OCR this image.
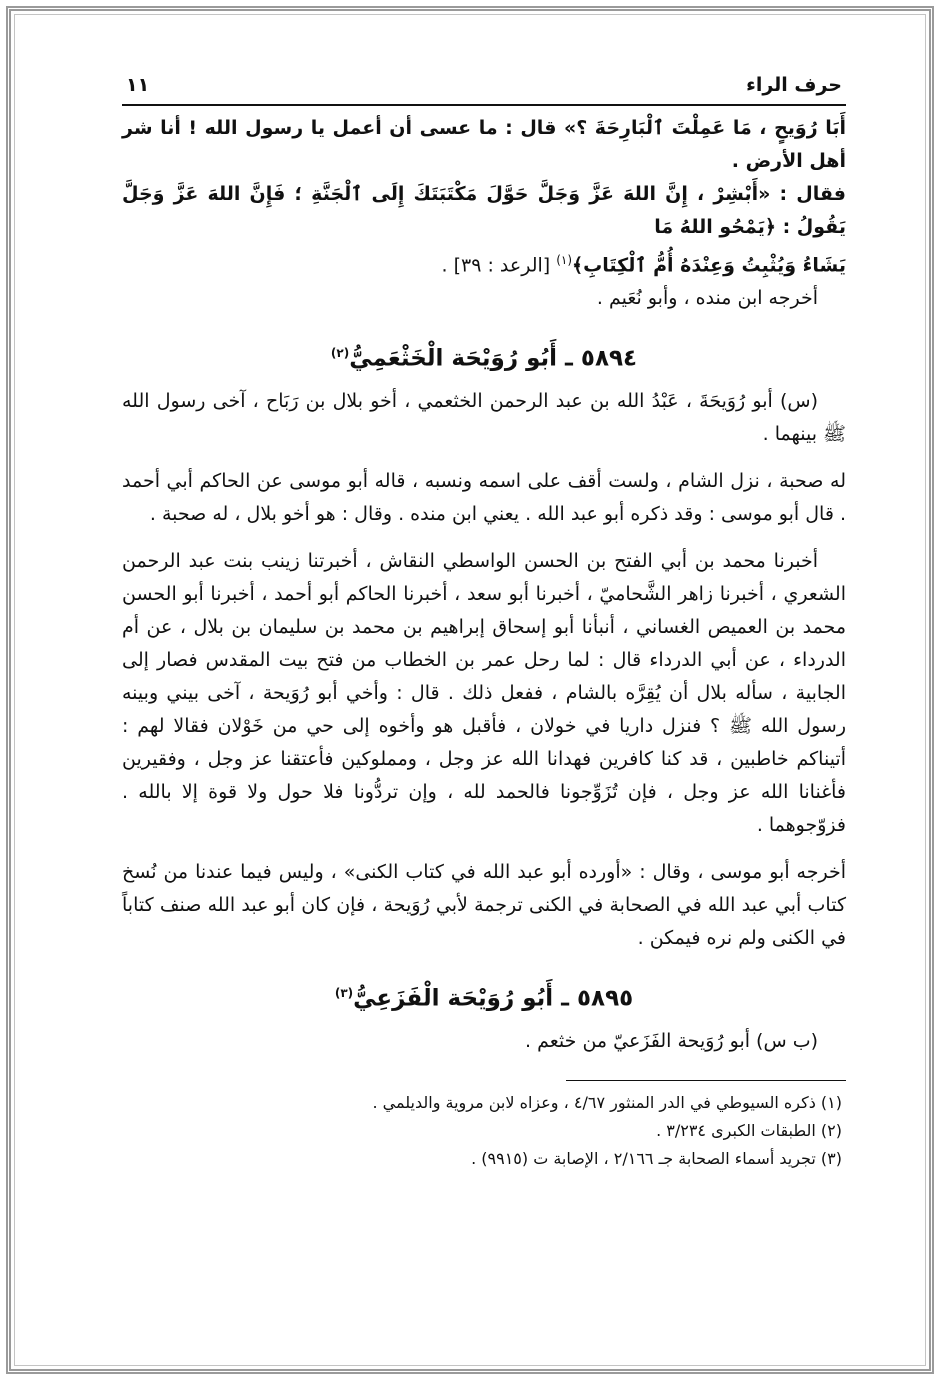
حرف الراء
١١

أَبَا رُوَيحٍ ، مَا عَمِلْتَ ٱلْبَارِحَةَ ؟» قال : ما عسى أن أعمل يا رسول الله ! أنا شر أهل الأرض .

فقال : «أَبْشِرْ ، إِنَّ اللهَ عَزَّ وَجَلَّ حَوَّلَ مَكْتَبَتَكَ إِلَى ٱلْجَنَّةِ ؛ فَإِنَّ اللهَ عَزَّ وَجَلَّ يَقُولُ : ﴿يَمْحُو اللهُ مَا

يَشَاءُ وَيُثْبِتُ وَعِنْدَهُ أُمُّ ٱلْكِتَابِ﴾$^{(١)}$ [الرعد : ٣٩] .

أخرجه ابن منده ، وأبو نُعَيم .

٥٨٩٤ ـ أَبُو رُوَيْحَة الْخَثْعَمِيُّ$^{(٢)}$

(س) أبو رُوَيحَةَ ، عَبْدُ الله بن عبد الرحمن الخثعمي ، أخو بلال بن رَبَاح ، آخى رسول الله ﷺ بينهما .

له صحبة ، نزل الشام ، ولست أقف على اسمه ونسبه ، قاله أبو موسى عن الحاكم أبي أحمد . قال أبو موسى : وقد ذكره أبو عبد الله . يعني ابن منده . وقال : هو أخو بلال ، له صحبة .

أخبرنا محمد بن أبي الفتح بن الحسن الواسطي النقاش ، أخبرتنا زينب بنت عبد الرحمن الشعري ، أخبرنا زاهر الشَّحاميّ ، أخبرنا أبو سعد ، أخبرنا الحاكم أبو أحمد ، أخبرنا أبو الحسن محمد بن العميص الغساني ، أنبأنا أبو إسحاق إبراهيم بن محمد بن سليمان بن بلال ، عن أم الدرداء ، عن أبي الدرداء قال : لما رحل عمر بن الخطاب من فتح بيت المقدس فصار إلى الجابية ، سأله بلال أن يُقِرَّه بالشام ، ففعل ذلك . قال : وأخي أبو رُوَيحة ، آخى بيني وبينه رسول الله ﷺ ؟ فنزل داريا في خولان ، فأقبل هو وأخوه إلى حي من خَوْلان فقالا لهم : أتيناكم خاطبين ، قد كنا كافرين فهدانا الله عز وجل ، ومملوكين فأعتقنا عز وجل ، وفقيرين فأغنانا الله عز وجل ، فإن تُزَوِّجونا فالحمد لله ، وإن تردُّونا فلا حول ولا قوة إلا بالله . فزوّجوهما .

أخرجه أبو موسى ، وقال : «أورده أبو عبد الله في كتاب الكنى» ، وليس فيما عندنا من نُسخ كتاب أبي عبد الله في الصحابة في الكنى ترجمة لأبي رُوَيحة ، فإن كان أبو عبد الله صنف كتاباً في الكنى ولم نره فيمكن .

٥٨٩٥ ـ أَبُو رُوَيْحَة الْفَزَعِيُّ$^{(٣)}$

(ب س) أبو رُوَيحة الفَزَعيّ من خثعم .

(١) ذكره السيوطي في الدر المنثور ٤/٦٧ ، وعزاه لابن مروية والديلمي .

(٢) الطبقات الكبرى ٣/٢٣٤ .

(٣) تجريد أسماء الصحابة جـ ٢/١٦٦ ، الإصابة ت (٩٩١٥) .
